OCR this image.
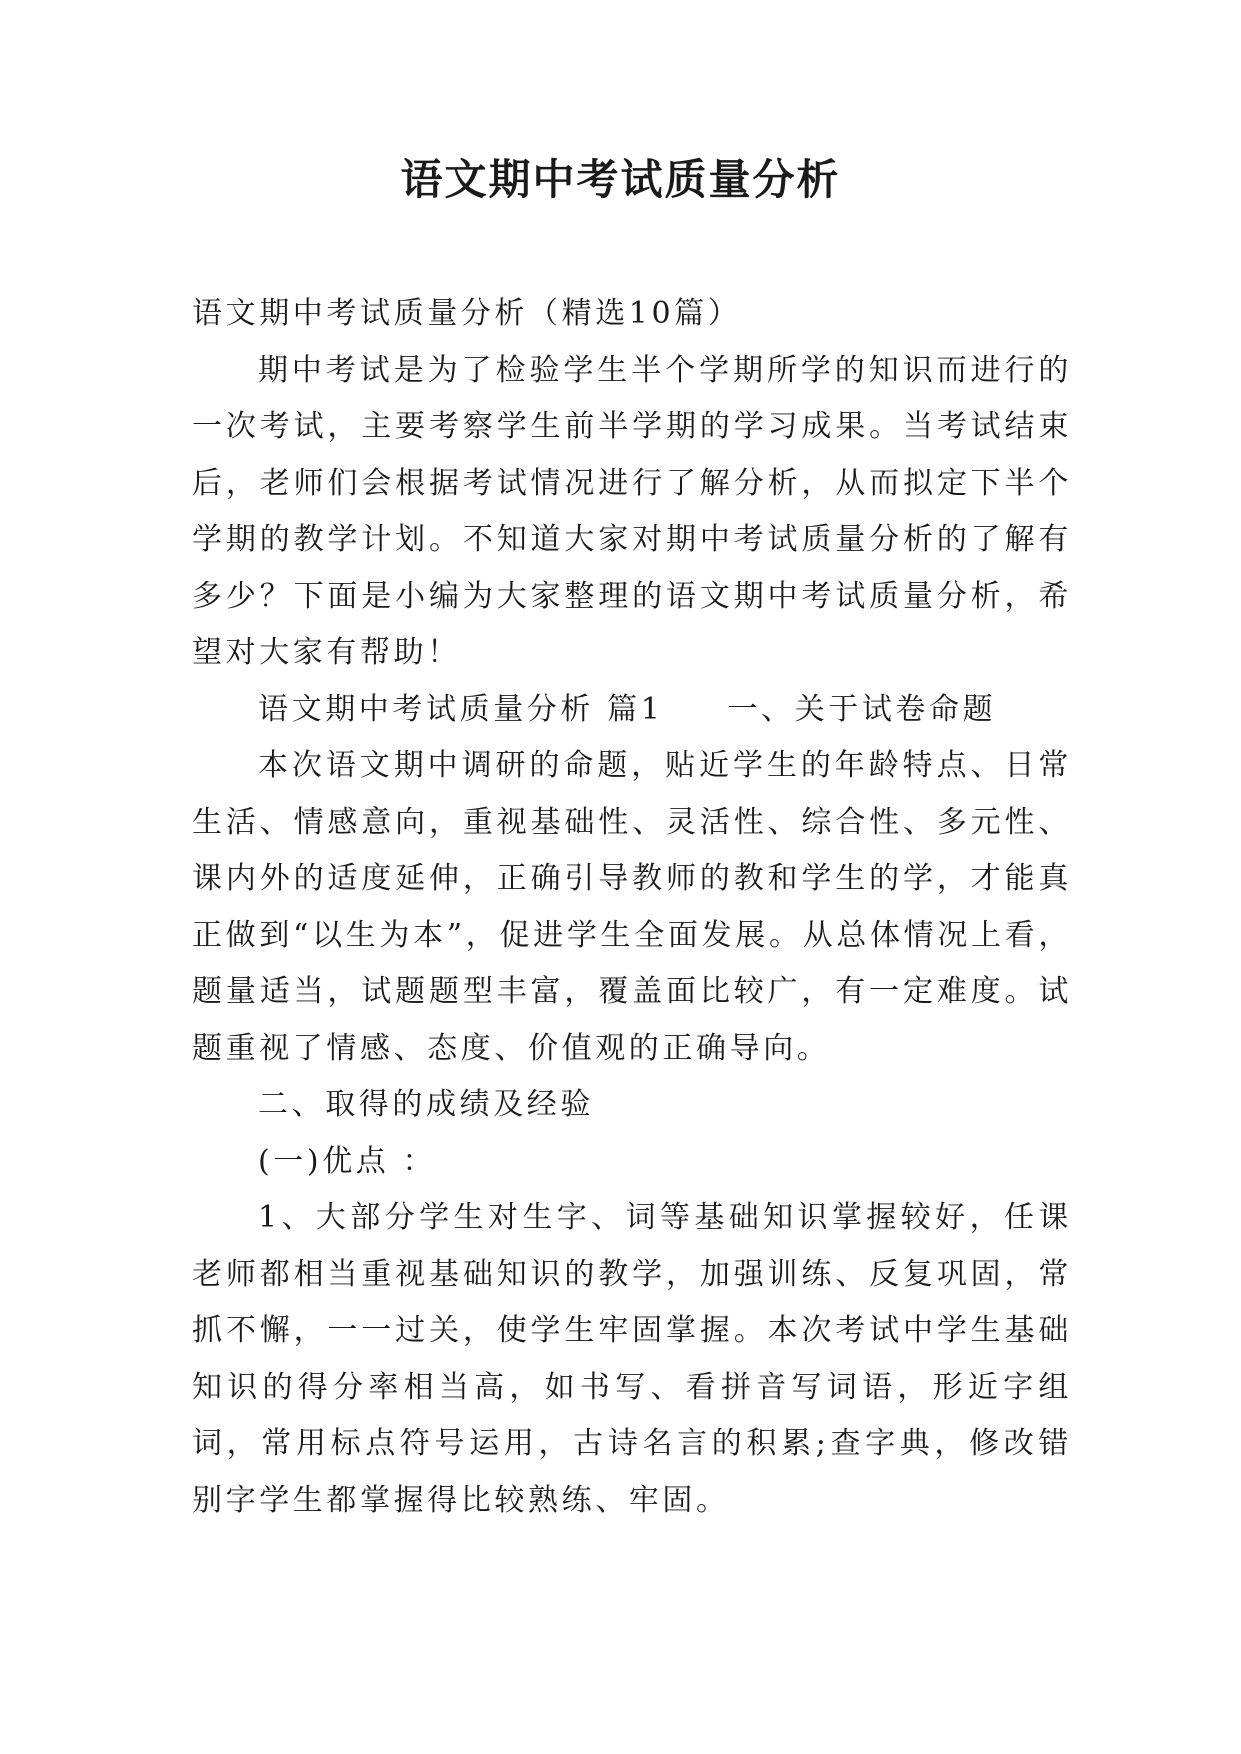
语文期中考试质量分析

语文期中考试质量分析（精选10篇）

期中考试是为了检验学生半个学期所学的知识而进行的一次考试，主要考察学生前半学期的学习成果。当考试结束后，老师们会根据考试情况进行了解分析，从而拟定下半个学期的教学计划。不知道大家对期中考试质量分析的了解有多少？下面是小编为大家整理的语文期中考试质量分析，希望对大家有帮助！

语文期中考试质量分析 篇1 一、关于试卷命题

本次语文期中调研的命题，贴近学生的年龄特点、日常生活、情感意向，重视基础性、灵活性、综合性、多元性、课内外的适度延伸，正确引导教师的教和学生的学，才能真正做到“以生为本”，促进学生全面发展。从总体情况上看，题量适当，试题题型丰富，覆盖面比较广，有一定难度。试题重视了情感、态度、价值观的正确导向。

二、取得的成绩及经验

(一)优点 ：

1、大部分学生对生字、词等基础知识掌握较好，任课老师都相当重视基础知识的教学，加强训练、反复巩固，常抓不懈，一一过关，使学生牢固掌握。本次考试中学生基础知识的得分率相当高，如书写、看拼音写词语，形近字组词，常用标点符号运用，古诗名言的积累;查字典，修改错别字学生都掌握得比较熟练、牢固。
